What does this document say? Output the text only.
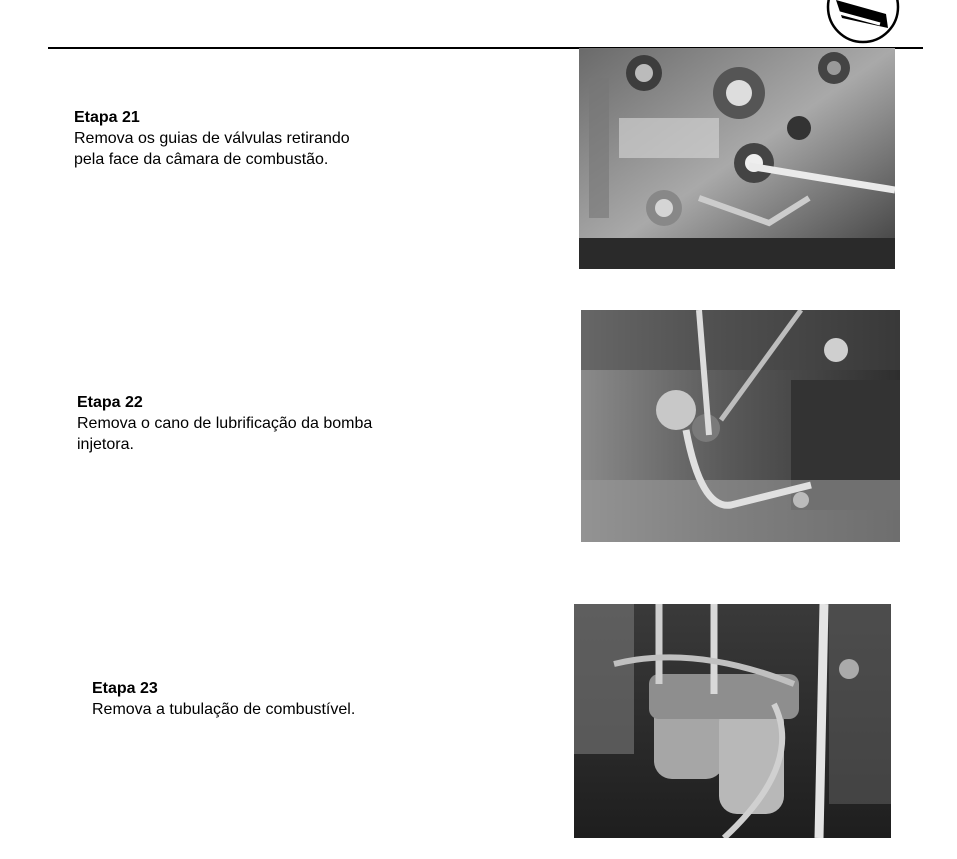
Etapa 21
Remova os guias de válvulas retirando
pela face da câmara de combustão.
Etapa 22
Remova o cano de lubrificação da bomba
injetora.
Etapa 23
Remova a tubulação de combustível.
